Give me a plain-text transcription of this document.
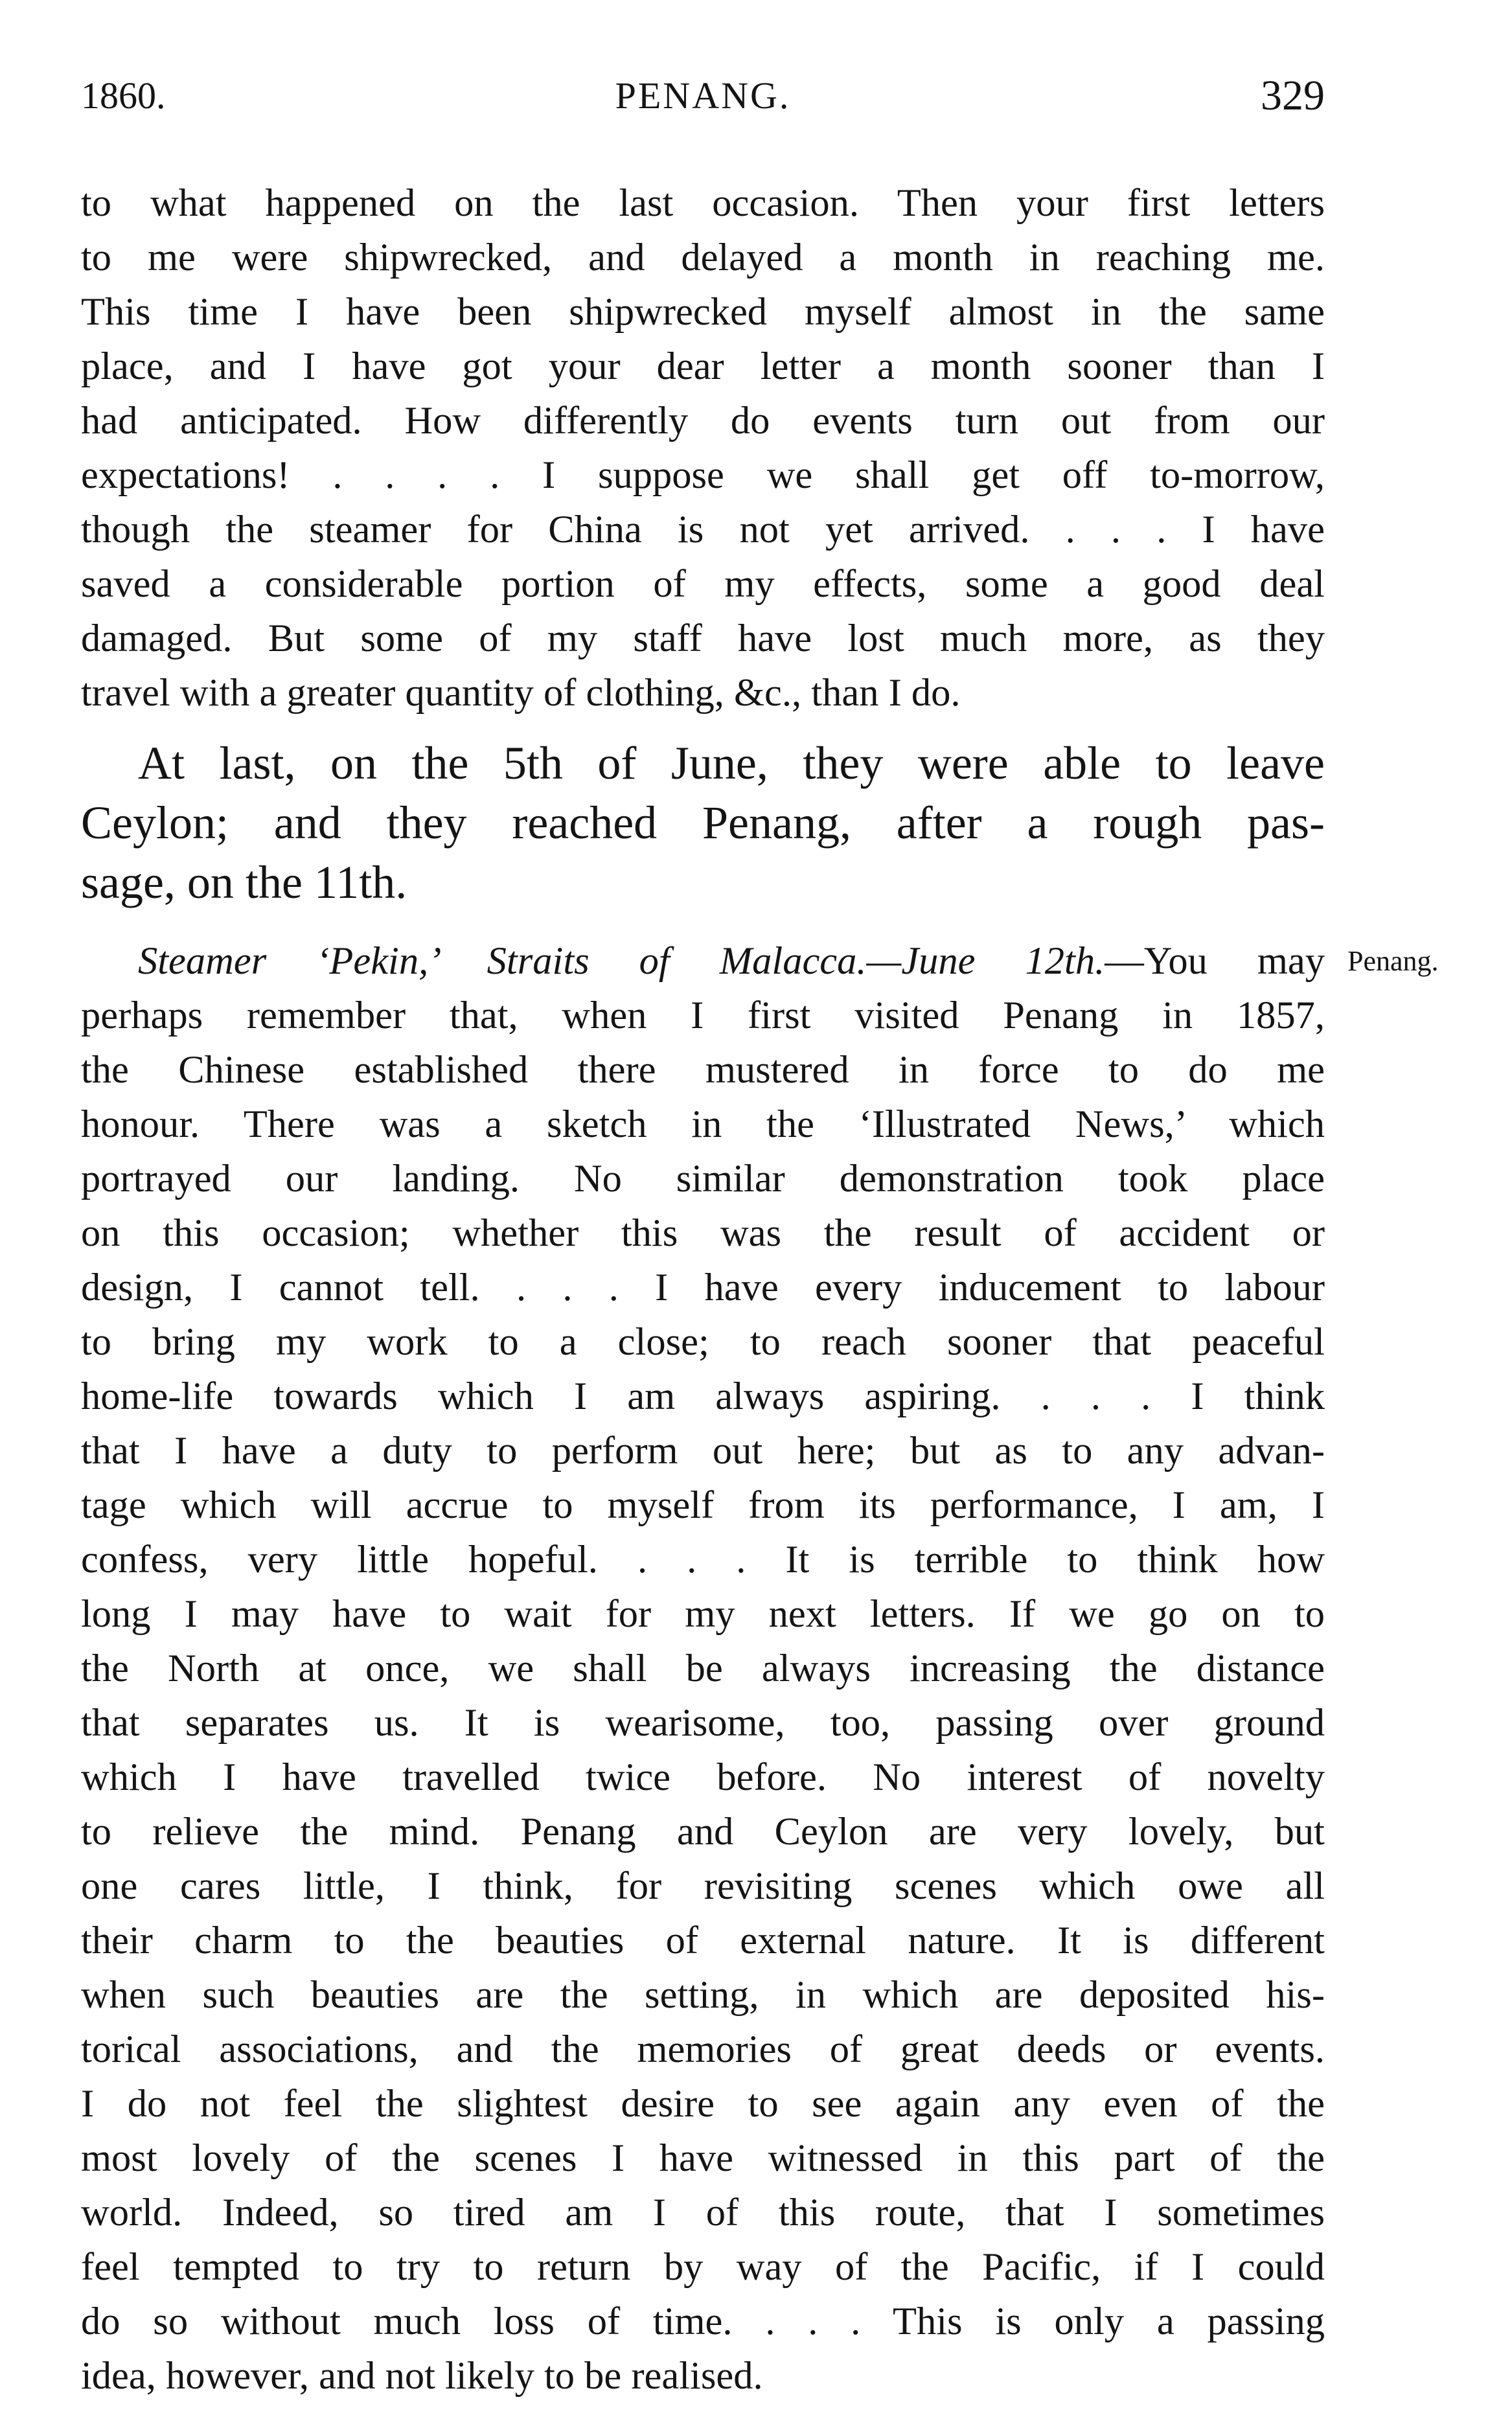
1860.	PENANG.	329
to what happened on the last occasion. Then your first letters
to me were shipwrecked, and delayed a month in reaching me.
This time I have been shipwrecked myself almost in the same
place, and I have got your dear letter a month sooner than I
had anticipated. How differently do events turn out from our
expectations! . . . . I suppose we shall get off to-morrow,
though the steamer for China is not yet arrived. . . . I have
saved a considerable portion of my effects, some a good deal
damaged. But some of my staff have lost much more, as they
travel with a greater quantity of clothing, &c., than I do.
At last, on the 5th of June, they were able to leave
Ceylon; and they reached Penang, after a rough pas-
sage, on the 11th.
Steamer ‘Pekin,’ Straits of Malacca.—June 12th.—You may
perhaps remember that, when I first visited Penang in 1857,
the Chinese established there mustered in force to do me
honour. There was a sketch in the ‘Illustrated News,’ which
portrayed our landing. No similar demonstration took place
on this occasion; whether this was the result of accident or
design, I cannot tell. . . . I have every inducement to labour
to bring my work to a close; to reach sooner that peaceful
home-life towards which I am always aspiring. . . . I think
that I have a duty to perform out here; but as to any advan-
tage which will accrue to myself from its performance, I am, I
confess, very little hopeful. . . . It is terrible to think how
long I may have to wait for my next letters. If we go on to
the North at once, we shall be always increasing the distance
that separates us. It is wearisome, too, passing over ground
which I have travelled twice before. No interest of novelty
to relieve the mind. Penang and Ceylon are very lovely, but
one cares little, I think, for revisiting scenes which owe all
their charm to the beauties of external nature. It is different
when such beauties are the setting, in which are deposited his-
torical associations, and the memories of great deeds or events.
I do not feel the slightest desire to see again any even of the
most lovely of the scenes I have witnessed in this part of the
world. Indeed, so tired am I of this route, that I sometimes
feel tempted to try to return by way of the Pacific, if I could
do so without much loss of time. . . . This is only a passing
idea, however, and not likely to be realised.
Penang.
